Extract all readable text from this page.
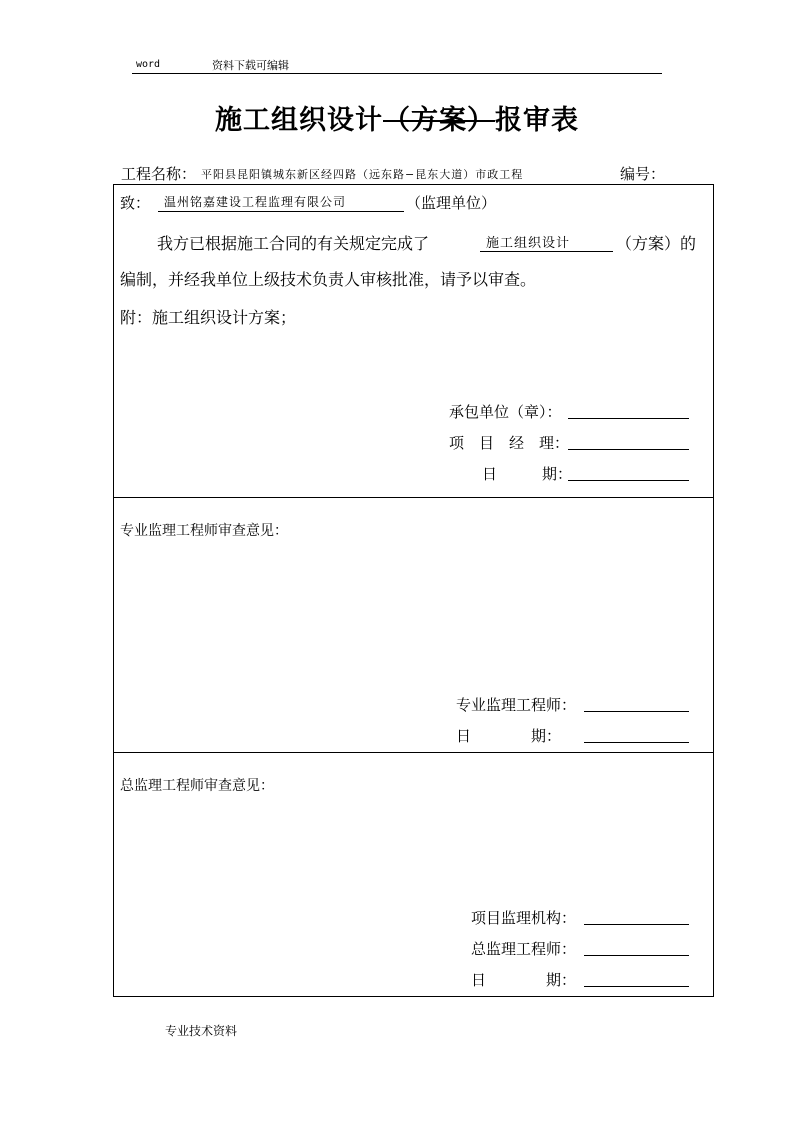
word	资料下载可编辑
施工组织设计（方案）报审表
工程名称： 平阳县昆阳镇城东新区经四路（远东路−昆东大道）市政工程	编号：
致：	温州铭嘉建设工程监理有限公司	（监理单位）
我方已根据施工合同的有关规定完成了	施工组织设计	（方案）的
编制，并经我单位上级技术负责人审核批准，请予以审查。
附：施工组织设计方案；
承包单位（章）：
项　目　经　理：
日　　　期：
专业监理工程师审查意见：
专业监理工程师：
日　　　　期：
总监理工程师审查意见：
项目监理机构：
总监理工程师：
日　　　　期：
专业技术资料
